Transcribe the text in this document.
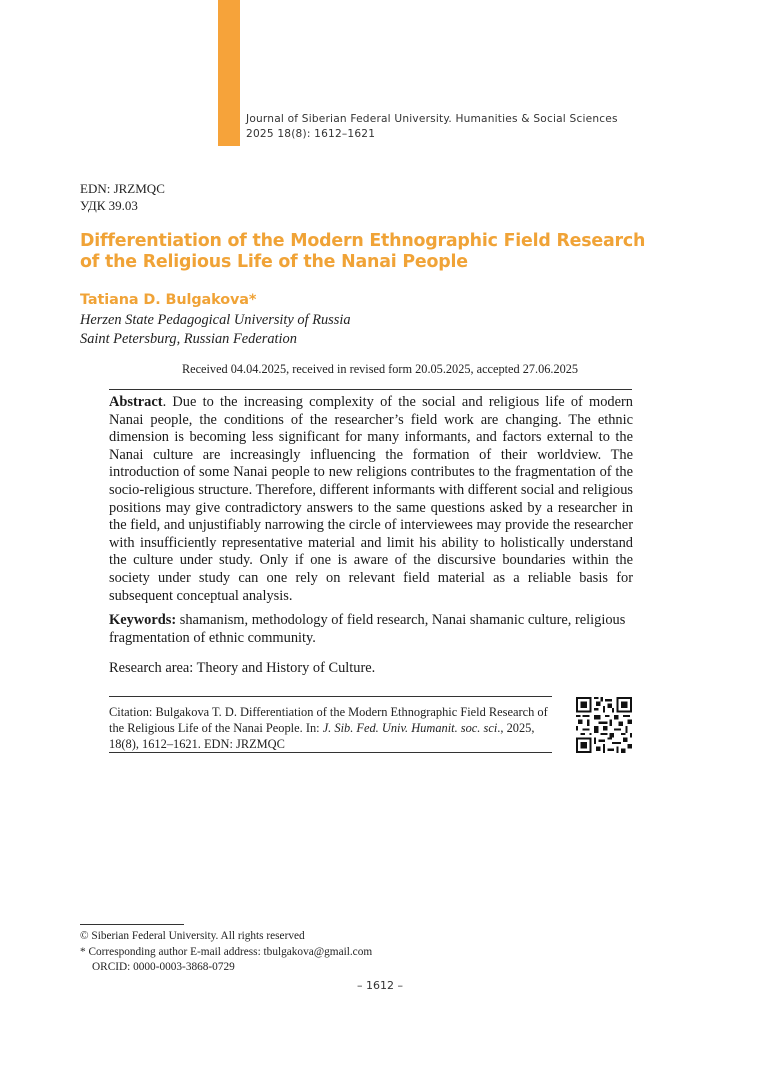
Journal of Siberian Federal University. Humanities & Social Sciences
2025 18(8): 1612–1621
EDN: JRZMQC
УДК 39.03
Differentiation of the Modern Ethnographic Field Research
of the Religious Life of the Nanai People
Tatiana D. Bulgakova*
Herzen State Pedagogical University of Russia
Saint Petersburg, Russian Federation
Received 04.04.2025, received in revised form 20.05.2025, accepted 27.06.2025

Abstract. Due to the increasing complexity of the social and religious life of modern Nanai people, the conditions of the researcher’s field work are changing. The ethnic dimension is becoming less significant for many informants, and factors external to the Nanai culture are increasingly influencing the formation of their worldview. The introduction of some Nanai people to new religions contributes to the fragmentation of the socio-religious structure. Therefore, different informants with different social and religious positions may give contradictory answers to the same questions asked by a researcher in the field, and unjustifiably narrowing the circle of interviewees may provide the researcher with insufficiently representative material and limit his ability to holistically understand the culture under study. Only if one is aware of the discursive boundaries within the society under study can one rely on relevant field material as a reliable basis for subsequent conceptual analysis.

Keywords: shamanism, methodology of field research, Nanai shamanic culture, religious fragmentation of ethnic community.

Research area: Theory and History of Culture.
Citation: Bulgakova T. D. Differentiation of the Modern Ethnographic Field Research of
the Religious Life of the Nanai People. In: J. Sib. Fed. Univ. Humanit. soc. sci., 2025,
18(8), 1612–1621. EDN: JRZMQC
© Siberian Federal University. All rights reserved
* Corresponding author E-mail address: tbulgakova@gmail.com
ORCID: 0000-0003-3868-0729
– 1612 –
